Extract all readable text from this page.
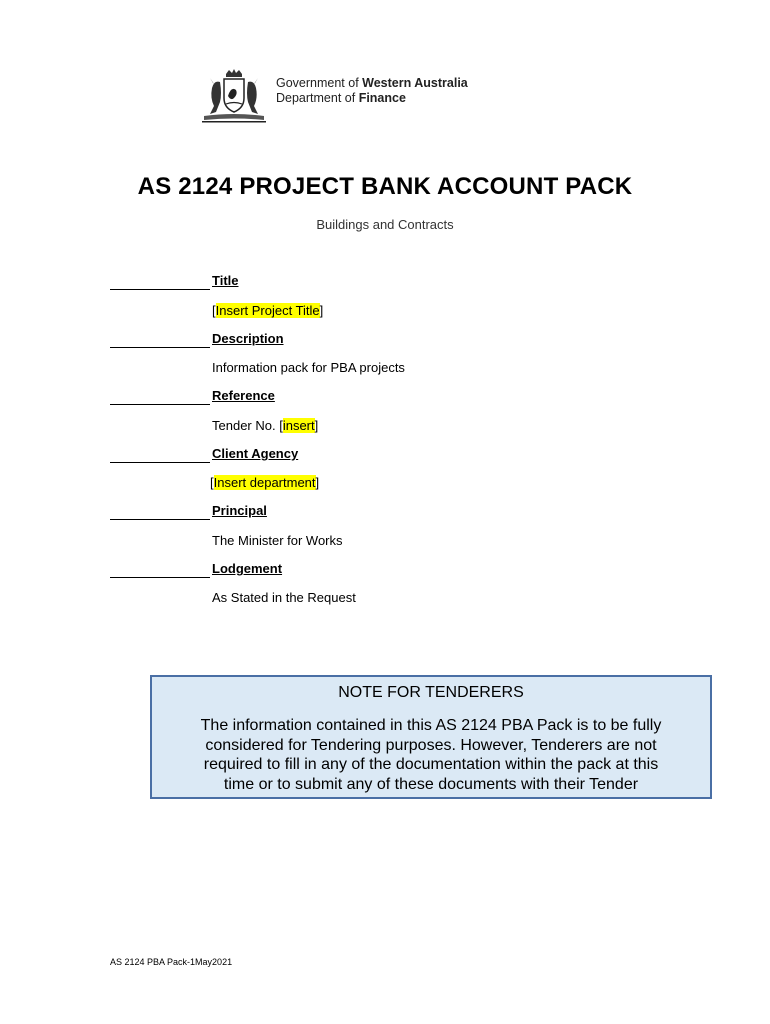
Government of Western Australia
Department of Finance
AS 2124 PROJECT BANK ACCOUNT PACK
Buildings and Contracts
Title
[Insert Project Title]
Description
Information pack for PBA projects
Reference
Tender No. [insert]
Client Agency
[Insert department]
Principal
The Minister for Works
Lodgement
As Stated in the Request
NOTE FOR TENDERERS
The information contained in this AS 2124 PBA Pack is to be fully
considered for Tendering purposes. However, Tenderers are not
required to fill in any of the documentation within the pack at this
time or to submit any of these documents with their Tender
AS 2124 PBA Pack-1May2021
